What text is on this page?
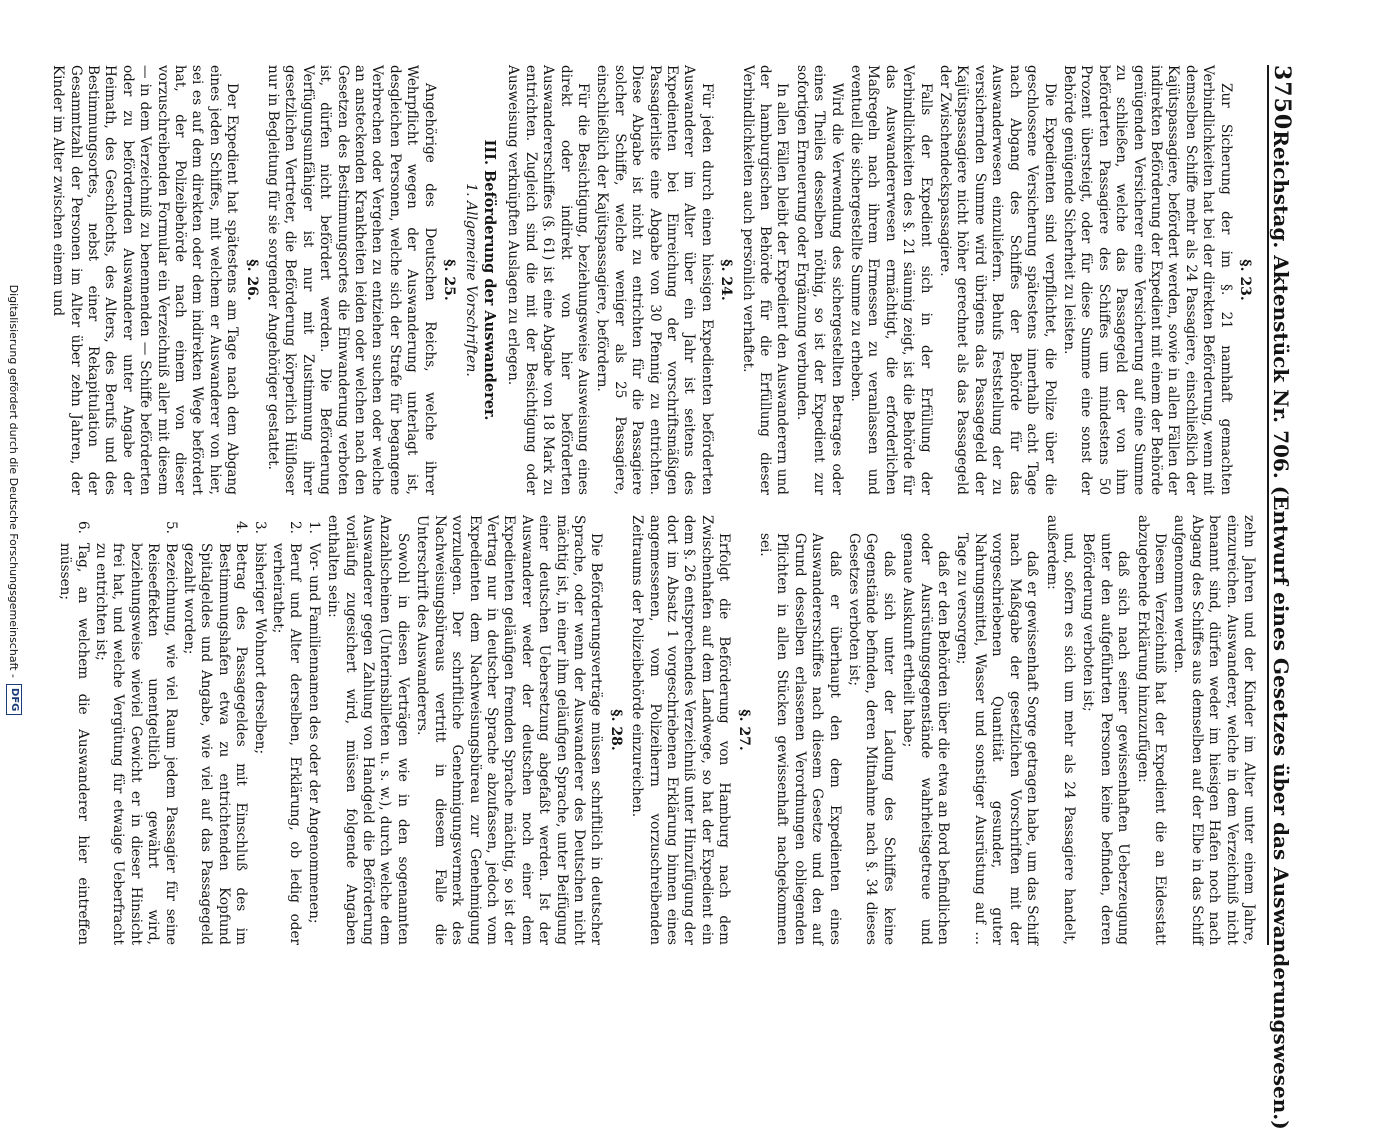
3750
Reichstag. Aktenstück Nr. 706. (Entwurf eines Gesetzes über das Auswanderungswesen.)
§. 23.

Zur Sicherung der im §. 21 namhaft gemachten Verbindlichkeiten hat bei der direkten Beförderung, wenn mit demselben Schiffe mehr als 24 Passagiere, einschließlich der Kajütspassagiere, befördert werden, sowie in allen Fällen der indirekten Beförderung der Expedient mit einem der Behörde genügenden Versicherer eine Versicherung auf eine Summe zu schließen, welche das Passagegeld der von ihm beförderten Passagiere des Schiffes um mindestens 50 Prozent übersteigt, oder für diese Summe eine sonst der Behörde genügende Sicherheit zu leisten.

Die Expedienten sind verpflichtet, die Polize über die geschlossene Versicherung spätestens innerhalb acht Tage nach Abgang des Schiffes der Behörde für das Auswanderwesen einzuliefern. Behufs Feststellung der zu versichernden Summe wird übrigens das Passagegeld der Kajütspassagiere nicht höher gerechnet als das Passagegeld der Zwischendeckspassagiere.

Falls der Expedient sich in der Erfüllung der Verbindlichkeiten des §. 21 säumig zeigt, ist die Behörde für das Auswandererwesen ermächtigt, die erforderlichen Maßregeln nach ihrem Ermessen zu veranlassen und eventuell die sichergestellte Summe zu erheben.

Wird die Verwendung des sichergestellten Betrages oder eines Theiles desselben nöthig, so ist der Expedient zur sofortigen Erneuerung oder Ergänzung verbunden.

In allen Fällen bleibt der Expedient den Auswanderern und der hamburgischen Behörde für die Erfüllung dieser Verbindlichkeiten auch persönlich verhaftet.

§. 24.

Für jeden durch einen hiesigen Expedienten beförderten Auswanderer im Alter über ein Jahr ist seitens des Expedienten bei Einreichung der vorschriftsmäßigen Passagierliste eine Abgabe von 30 Pfennig zu entrichten. Diese Abgabe ist nicht zu entrichten für die Passagiere solcher Schiffe, welche weniger als 25 Passagiere, einschließlich der Kajütspassagiere, befördern.

Für die Besichtigung, beziehungsweise Ausweisung eines direkt oder indirekt von hier beförderten Auswandererschiffes (§. 61) ist eine Abgabe von 18 Mark zu entrichten. Zugleich sind die mit der Besichtigung oder Ausweisung verknüpften Auslagen zu erlegen.

III. Beförderung der Auswanderer.
1. Allgemeine Vorschriften.
§. 25.

Angehörige des Deutschen Reichs, welche ihrer Wehrpflicht wegen der Auswanderung unterlagt ist, desgleichen Personen, welche sich der Strafe für begangene Verbrechen oder Vergehen zu entziehen suchen oder welche an ansteckenden Krankheiten leiden oder welchen nach den Gesetzen des Bestimmungsortes die Einwanderung verboten ist, dürfen nicht befördert werden. Die Beförderung Verfügungsunfähiger ist nur mit Zustimmung ihrer gesetzlichen Vertreter, die Beförderung körperlich Hülfloser nur in Begleitung für sie sorgender Angehöriger gestattet.

§. 26.

Der Expedient hat spätestens am Tage nach dem Abgang eines jeden Schiffes, mit welchem er Auswanderer von hier, sei es auf dem direkten oder dem indirekten Wege befördert hat, der Polizeibehörde nach einem von dieser vorzuschreibenden Formular ein Verzeichniß aller mit diesem — in dem Verzeichniß zu benennenden — Schiffe beförderten oder zu befördernden Auswanderer unter Angabe der Heimath, des Geschlechts, des Alters, des Berufs und des Bestimmungsortes, nebst einer Rekapitulation der Gesammtzahl der Personen im Alter über zehn Jahren, der Kinder im Alter zwischen einem und

zehn Jahren und der Kinder im Alter unter einem Jahre, einzureichen. Auswanderer, welche in dem Verzeichniß nicht benannt sind, dürfen weder im hiesigen Hafen noch nach Abgang des Schiffes aus demselben auf der Elbe in das Schiff aufgenommen werden.

Diesem Verzeichniß hat der Expedient die an Eidesstatt abzugebende Erklärung hinzuzufügen:

daß sich nach seiner gewissenhaften Ueberzeugung unter den aufgeführten Personen keine befinden, deren Beförderung verboten ist;

und, sofern es sich um mehr als 24 Passagiere handelt, außerdem:

daß er gewissenhaft Sorge getragen habe, um das Schiff nach Maßgabe der gesetzlichen Vorschriften mit der vorgeschriebenen Quantität gesunder, guter Nahrungsmittel, Wasser und sonstiger Ausrüstung auf … Tage zu versorgen;

daß er den Behörden über die etwa an Bord befindlichen oder Ausrüstungsgegenstände wahrheitsgetreue und genaue Auskunft ertheilt habe;

daß sich unter der Ladung des Schiffes keine Gegenstände befinden, deren Mitnahme nach §. 34 dieses Gesetzes verboten ist;

daß er überhaupt den dem Expedienten eines Auswandererschiffes nach diesem Gesetze und den auf Grund desselben erlassenen Verordnungen obliegenden Pflichten in allen Stücken gewissenhaft nachgekommen sei.

§. 27.

Erfolgt die Beförderung von Hamburg nach dem Zwischenhafen auf dem Landwege, so hat der Expedient ein dem §. 26 entsprechendes Verzeichniß unter Hinzufügung der dort im Absatz 1 vorgeschriebenen Erklärung binnen eines angemessenen, vom Polizeiherrn vorzuschreibenden Zeitraums der Polizeibehörde einzureichen.

§. 28.

Die Beförderungsverträge müssen schriftlich in deutscher Sprache, oder wenn der Auswanderer des Deutschen nicht mächtig ist, in einer ihm geläufigen Sprache, unter Beifügung einer deutschen Uebersetzung abgefaßt werden. Ist der Auswanderer weder der deutschen noch einer dem Expedienten geläufigen fremden Sprache mächtig, so ist der Vertrag nur in deutscher Sprache abzufassen, jedoch vom Expedienten dem Nachweisungsbüreau zur Genehmigung vorzulegen. Der schriftliche Genehmigungsvermerk des Nachweisungsbüreaus vertritt in diesem Falle die Unterschrift des Auswanderers.

Sowohl in diesen Verträgen wie in den sogenannten Anzahlscheinen (Unterinsbilleten u. s. w.), durch welche dem Auswanderer gegen Zahlung von Handgeld die Beförderung vorläufig zugesichert wird, müssen folgende Angaben enthalten sein:

1.
Vor- und Familiennamen des oder der Angenommenen;
2.
Beruf und Alter derselben, Erklärung, ob ledig oder verheirathet;
3.
bisheriger Wohnort derselben;
4.
Betrag des Passagegeldes mit Einschluß des im Bestimmungshafen etwa zu entrichtenden Kopfund Spitalgeldes und Angabe, wie viel auf das Passagegeld gezahlt worden;
5.
Bezeichnung, wie viel Raum jedem Passagier für seine Reiseeffekten unentgeltlich gewährt wird, beziehungsweise wieviel Gewicht er in dieser Hinsicht frei hat, und welche Vergütung für etwaige Ueberfracht zu entrichten ist;
6.
Tag, an welchem die Auswanderer hier eintreffen müssen;
Digitalisierung gefördert durch die Deutsche Forschungsgemeinschaft -
DFG
